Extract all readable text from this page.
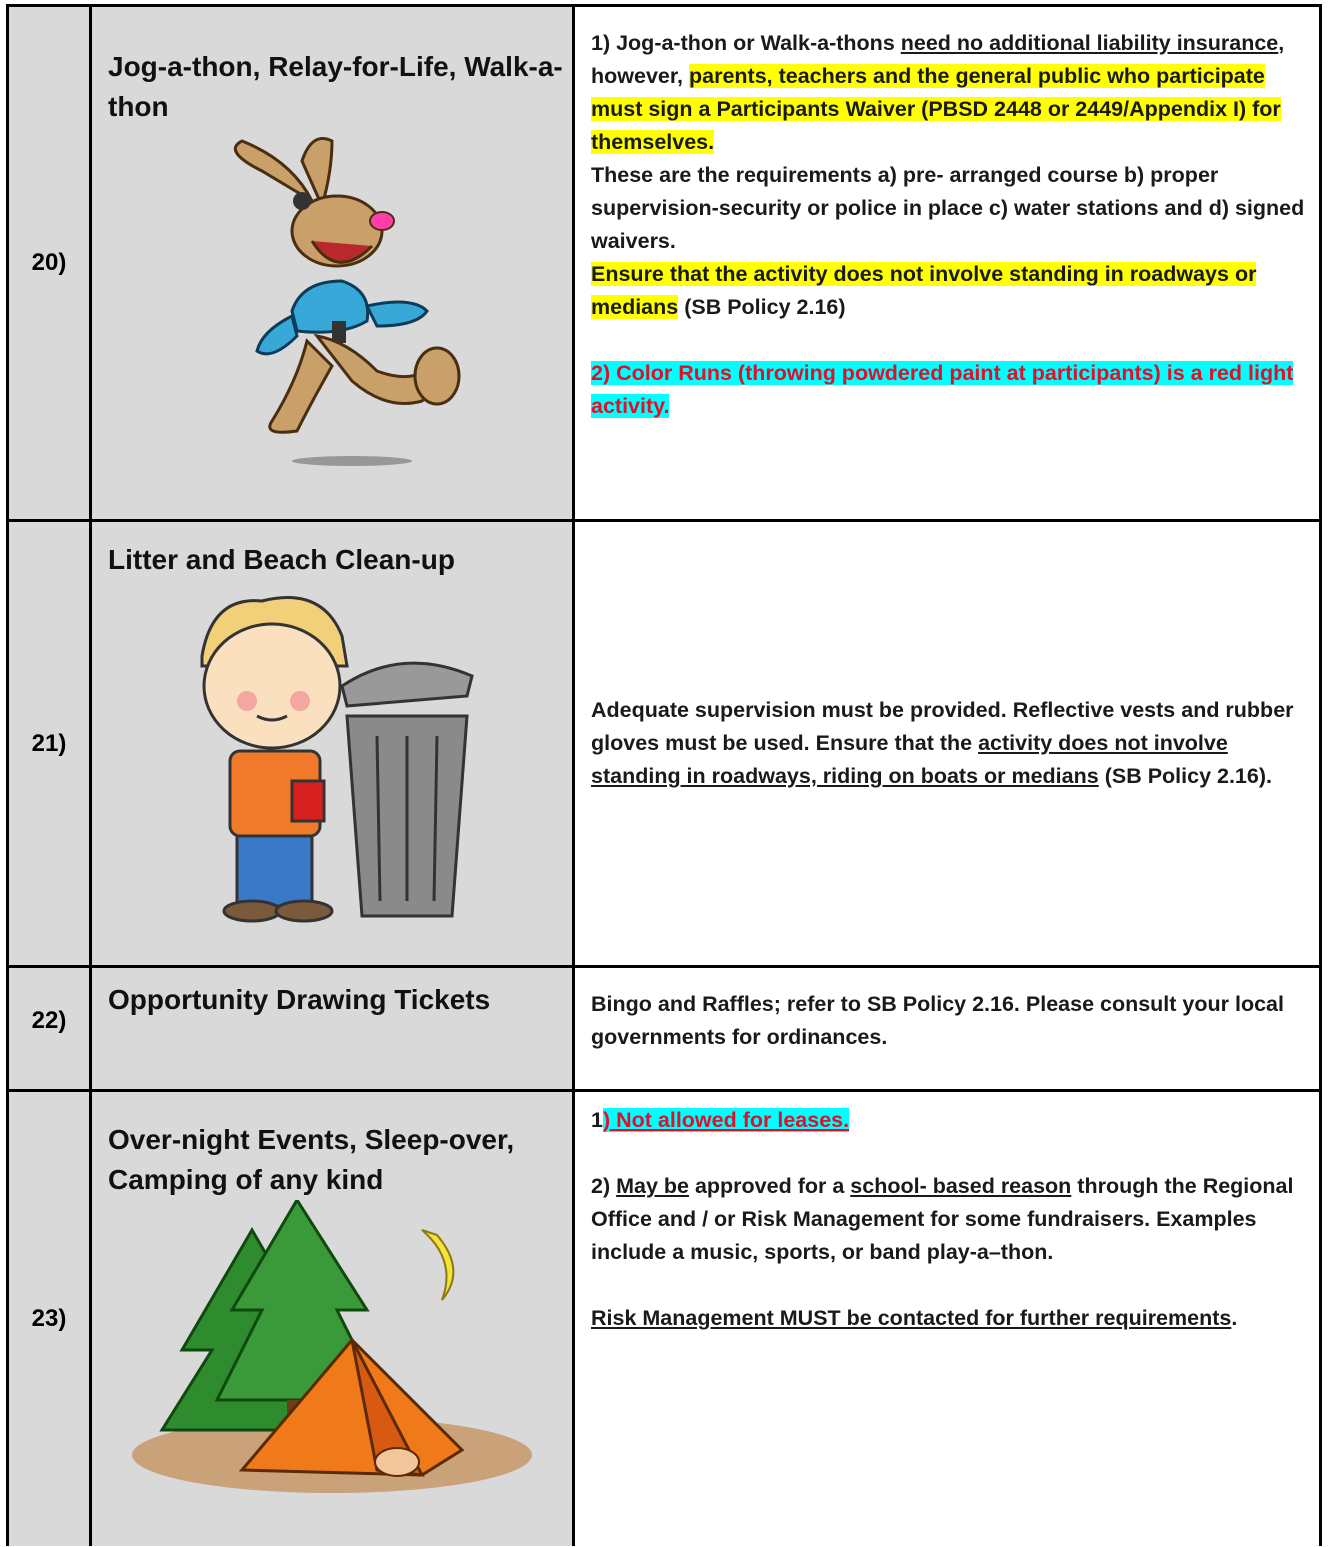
20)	Jog-a-thon, Relay-for-Life, Walk-a-thon	1) Jog-a-thon or Walk-a-thons need no additional liability insurance, however, parents, teachers and the general public who participate must sign a Participants Waiver (PBSD 2448 or 2449/Appendix I) for themselves.
These are the requirements a) pre- arranged course b) proper supervision-security or police in place c) water stations and d) signed waivers.
Ensure that the activity does not involve standing in roadways or medians (SB Policy 2.16)
2) Color Runs (throwing powdered paint at participants) is a red light activity.

21)	Litter and Beach Clean-up	Adequate supervision must be provided. Reflective vests and rubber gloves must be used. Ensure that the activity does not involve standing in roadways, riding on boats or medians (SB Policy 2.16).

22)	Opportunity Drawing Tickets	Bingo and Raffles; refer to SB Policy 2.16. Please consult your local governments for ordinances.

23)	Over-night Events, Sleep-over, Camping of any kind	1) Not allowed for leases.
2) May be approved for a school- based reason through the Regional Office and / or Risk Management for some fundraisers. Examples include a music, sports, or band play-a–thon.
Risk Management MUST be contacted for further requirements.
